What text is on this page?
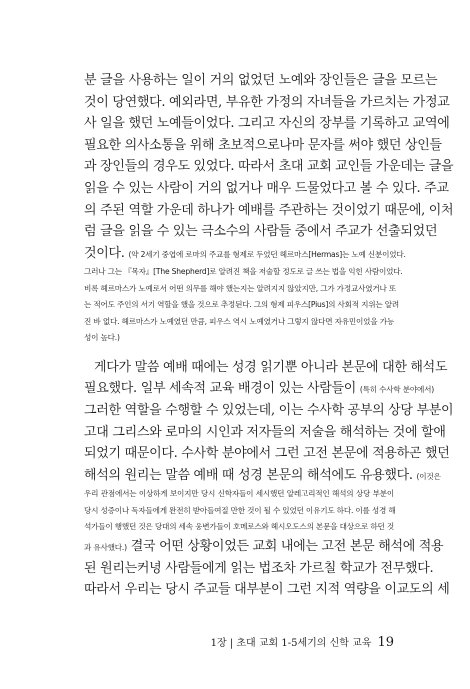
분 글을 사용하는 일이 거의 없었던 노예와 장인들은 글을 모르는
것이 당연했다. 예외라면, 부유한 가정의 자녀들을 가르치는 가정교
사 일을 했던 노예들이었다. 그리고 자신의 장부를 기록하고 교역에
필요한 의사소통을 위해 초보적으로나마 문자를 써야 했던 상인들
과 장인들의 경우도 있었다. 따라서 초대 교회 교인들 가운데는 글을
읽을 수 있는 사람이 거의 없거나 매우 드물었다고 볼 수 있다. 주교
의 주된 역할 가운데 하나가 예배를 주관하는 것이었기 때문에, 이처
럼 글을 읽을 수 있는 극소수의 사람들 중에서 주교가 선출되었던
것이다. (약 2세기 중엽에 로마의 주교를 형제로 두었던 헤르마스[Hermas]는 노예 신분이었다.
그러나 그는 『목자』[The Shepherd]로 알려진 책을 저술할 정도로 글 쓰는 법을 익힌 사람이었다.
비록 헤르마스가 노예로서 어떤 의무를 해야 했는지는 알려지지 않았지만, 그가 가정교사였거나 또
는 적어도 주인의 서기 역할을 했을 것으로 추정된다. 그의 형제 피우스[Pius]의 사회적 지위는 알려
진 바 없다. 헤르마스가 노예였던 만큼, 피우스 역시 노예였거나 그렇지 않다면 자유민이었을 가능
성이 높다.)
게다가 말씀 예배 때에는 성경 읽기뿐 아니라 본문에 대한 해석도
필요했다. 일부 세속적 교육 배경이 있는 사람들이 (특히 수사학 분야에서)
그러한 역할을 수행할 수 있었는데, 이는 수사학 공부의 상당 부분이
고대 그리스와 로마의 시인과 저자들의 저술을 해석하는 것에 할애
되었기 때문이다. 수사학 분야에서 그런 고전 본문에 적용하곤 했던
해석의 원리는 말씀 예배 때 성경 본문의 해석에도 유용했다. (이것은
우리 관점에서는 이상하게 보이지만 당시 신학자들이 세시했던 알레고리적인 해석의 상당 부분이
당시 성증이나 독자들에게 완전히 받아들여질 만한 것이 될 수 있었던 이유기도 하다. 이를 성경 해
석가들이 행했던 것은 당대의 세속 웅변가들이 호메로스와 헤시오도스의 본문을 대상으로 하던 것
과 유사했다.) 결국 어떤 상황이었든 교회 내에는 고전 본문 해석에 적용
된 원리는커녕 사람들에게 읽는 법조차 가르칠 학교가 전무했다.
따라서 우리는 당시 주교들 대부분이 그런 지적 역량을 이교도의 세
1장 | 초대 교회 1-5세기의 신학 교육 19
